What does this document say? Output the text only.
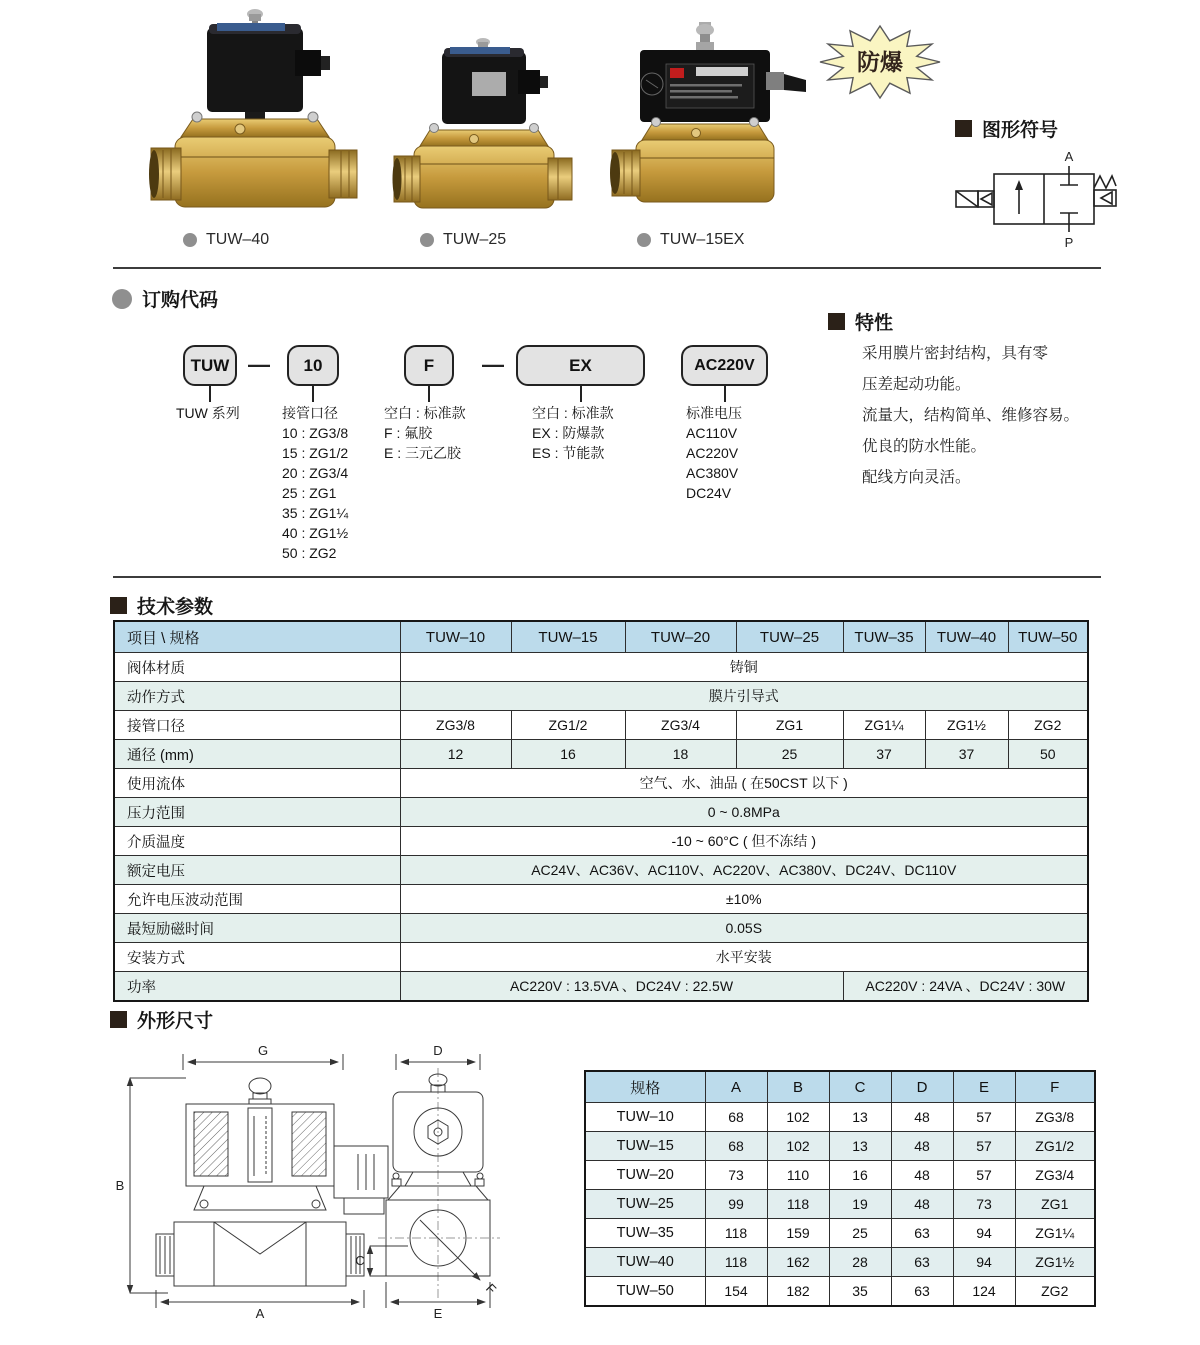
TUW–40	TUW–25	TUW–15EX
防爆
图形符号
A
P
订购代码
TUW — 10	F —	EX	AC220V
TUW 系列	接管口径
10 : ZG3/8
15 : ZG1/2
20 : ZG3/4
25 : ZG1
35 : ZG1¼
40 : ZG1½
50 : ZG2
空白 : 标准款
F : 氟胶
E : 三元乙胶
空白 : 标准款
EX : 防爆款
ES : 节能款
标准电压
AC110V
AC220V
AC380V
DC24V
特性
采用膜片密封结构，具有零
压差起动功能。
流量大，结构简单、维修容易。
优良的防水性能。
配线方向灵活。
技术参数
项目 \ 规格	TUW–10	TUW–15	TUW–20	TUW–25	TUW–35	TUW–40	TUW–50
阀体材质	铸铜						
动作方式	膜片引导式						
接管口径	ZG3/8	ZG1/2	ZG3/4	ZG1	ZG1¼	ZG1½	ZG2
通径 (mm)	12	16	18	25	37	37	50
使用流体	空气、水、油品 ( 在50CST 以下 )						
压力范围	0 ~ 0.8MPa						
介质温度	-10 ~ 60°C ( 但不冻结 )						
额定电压	AC24V、AC36V、AC110V、AC220V、AC380V、DC24V、DC110V						
允许电压波动范围	±10%						
最短励磁时间	0.05S						
安装方式	水平安装						
功率	AC220V : 13.5VA 、DC24V : 22.5W				AC220V : 24VA 、DC24V : 30W		
外形尺寸
G
B
A
D
C
E
F
规格	A	B	C	D	E	F
TUW–10	68	102	13	48	57	ZG3/8
TUW–15	68	102	13	48	57	ZG1/2
TUW–20	73	110	16	48	57	ZG3/4
TUW–25	99	118	19	48	73	ZG1
TUW–35	118	159	25	63	94	ZG1¼
TUW–40	118	162	28	63	94	ZG1½
TUW–50	154	182	35	63	124	ZG2
